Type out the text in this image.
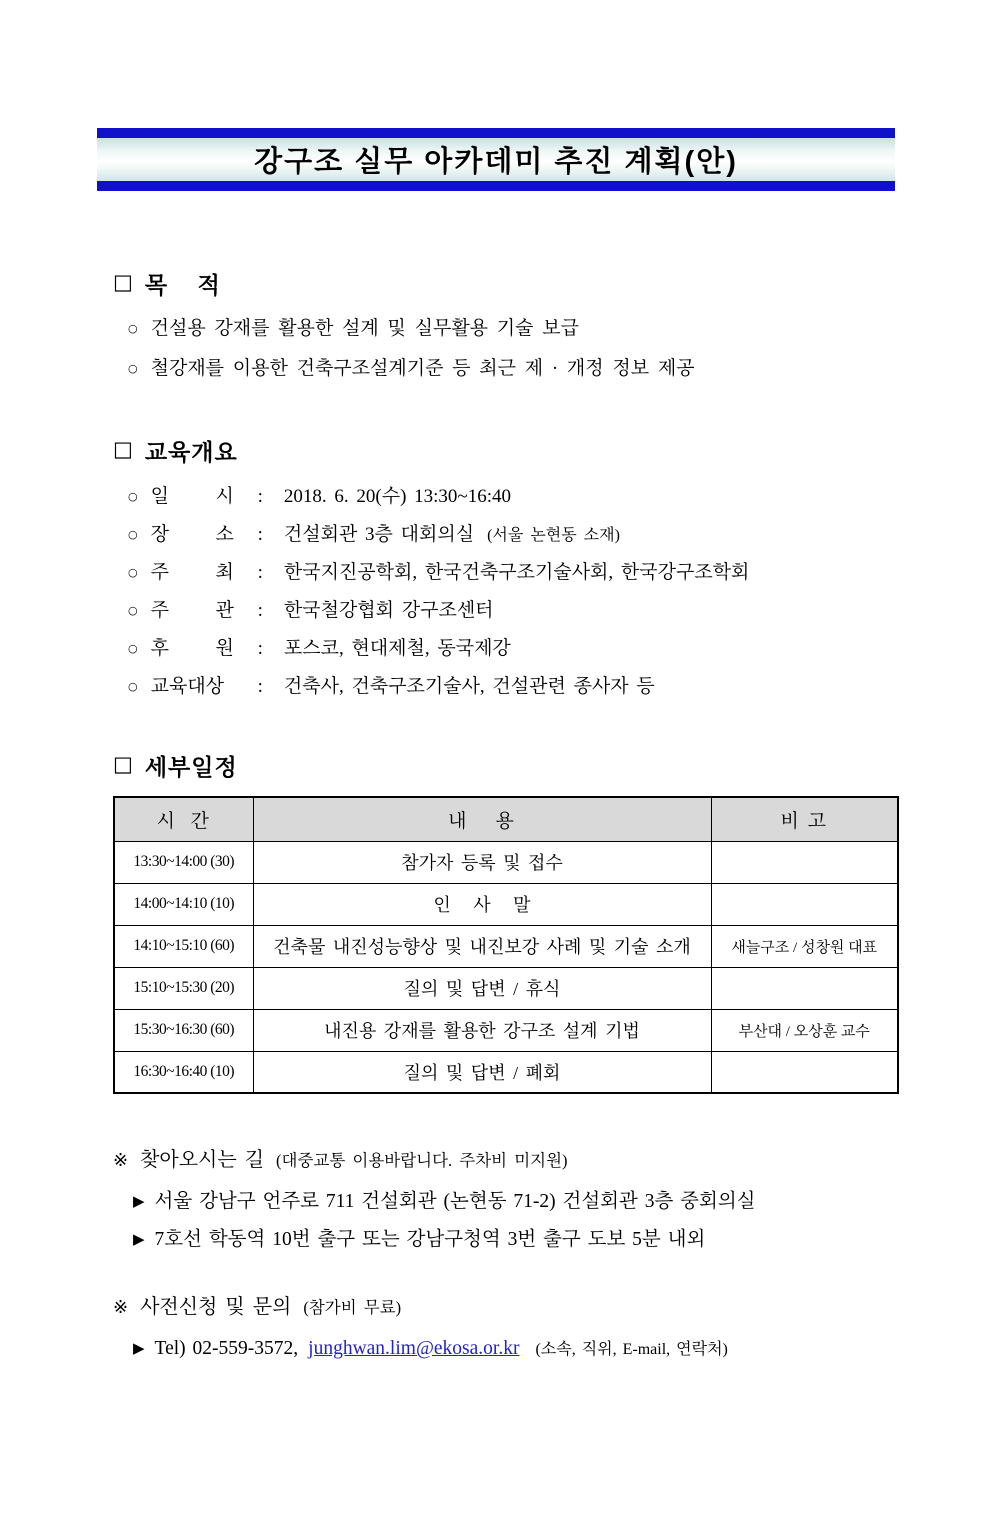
강구조 실무 아카데미 추진 계획(안)
□ 목    적
○ 건설용 강재를 활용한 설계 및 실무활용 기술 보급
○ 철강재를 이용한 건축구조설계기준 등 최근 제 · 개정 정보 제공
□ 교육개요
○ 일      시	: 2018. 6. 20(수) 13:30~16:40
○ 장      소	: 건설회관 3층 대회의실 (서울 논현동 소재)
○ 주      최	: 한국지진공학회, 한국건축구조기술사회, 한국강구조학회
○ 주      관	: 한국철강협회 강구조센터
○ 후      원	: 포스코, 현대제철, 동국제강
○ 교육대상	: 건축사, 건축구조기술사, 건설관련 종사자 등
□ 세부일정
시  간	내    용	비 고
13:30~14:00 (30)	참가자 등록 및 접수	
14:00~14:10 (10)	인   사   말	
14:10~15:10 (60)	건축물 내진성능향상 및 내진보강 사례 및 기술 소개	새늘구조 / 성창원 대표
15:10~15:30 (20)	질의 및 답변 / 휴식	
15:30~16:30 (60)	내진용 강재를 활용한 강구조 설계 기법	부산대 / 오상훈 교수
16:30~16:40 (10)	질의 및 답변 / 폐회	
※ 찾아오시는 길 (대중교통 이용바랍니다. 주차비 미지원)
▶ 서울 강남구 언주로 711 건설회관 (논현동 71-2) 건설회관 3층 중회의실
▶ 7호선 학동역 10번 출구 또는 강남구청역 3번 출구 도보 5분 내외
※ 사전신청 및 문의 (참가비 무료)
▶ Tel) 02-559-3572, junghwan.lim@ekosa.or.kr (소속, 직위, E-mail, 연락처)
